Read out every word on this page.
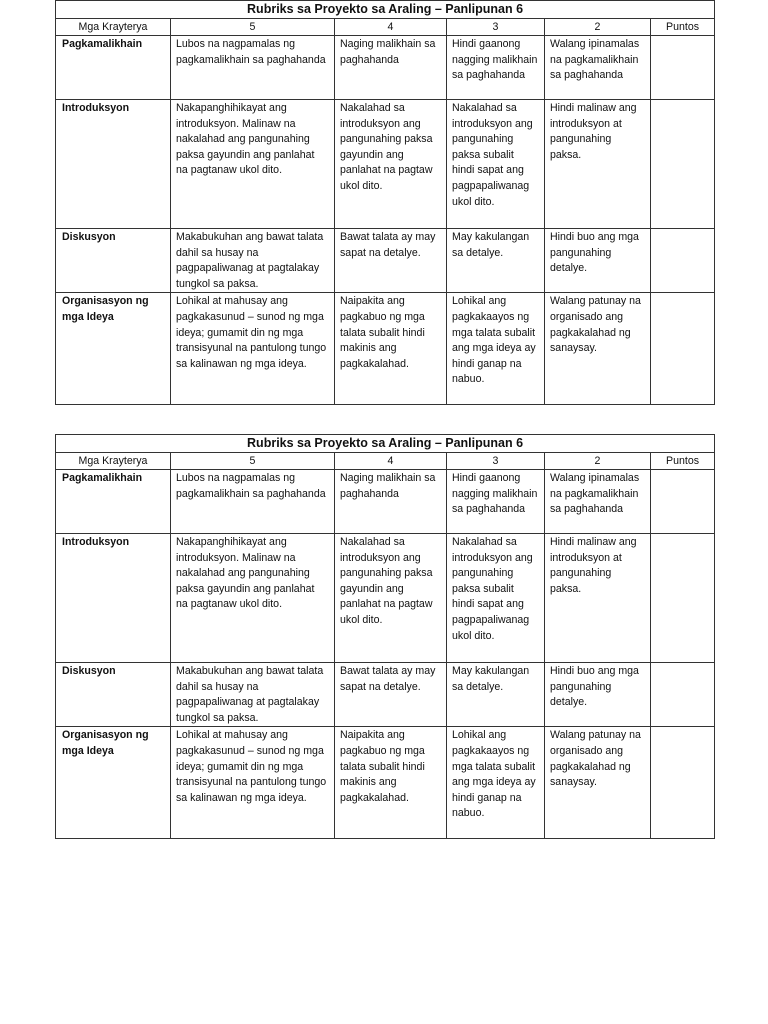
Rubriks sa Proyekto sa Araling – Panlipunan 6					
Mga Krayterya	5	4	3	2	Puntos
Pagkamalikhain	Lubos na nagpamalas ng pagkamalikhain sa paghahanda	Naging malikhain sa paghahanda	Hindi gaanong nagging malikhain sa paghahanda	Walang ipinamalas na pagkamalikhain sa paghahanda	
Introduksyon	Nakapanghihikayat ang introduksyon. Malinaw na nakalahad ang pangunahing paksa gayundin ang panlahat na pagtanaw ukol dito.	Nakalahad sa introduksyon ang pangunahing paksa gayundin ang panlahat na pagtaw ukol dito.	Nakalahad sa introduksyon ang pangunahing paksa subalit hindi sapat ang pagpapaliwanag ukol dito.	Hindi malinaw ang introduksyon at pangunahing paksa.	
Diskusyon	Makabukuhan ang bawat talata dahil sa husay na pagpapaliwanag at pagtalakay tungkol sa paksa.	Bawat talata ay may sapat na detalye.	May kakulangan sa detalye.	Hindi buo ang mga pangunahing detalye.	
Organisasyon ng mga Ideya	Lohikal at mahusay ang pagkakasunud – sunod ng mga ideya; gumamit din ng mga transisyunal na pantulong tungo sa kalinawan ng mga ideya.	Naipakita ang pagkabuo ng mga talata subalit hindi makinis ang pagkakalahad.	Lohikal ang pagkakaayos ng mga talata subalit ang mga ideya ay hindi ganap na nabuo.	Walang patunay na organisado ang pagkakalahad ng sanaysay.	
Rubriks sa Proyekto sa Araling – Panlipunan 6					
Mga Krayterya	5	4	3	2	Puntos
Pagkamalikhain	Lubos na nagpamalas ng pagkamalikhain sa paghahanda	Naging malikhain sa paghahanda	Hindi gaanong nagging malikhain sa paghahanda	Walang ipinamalas na pagkamalikhain sa paghahanda	
Introduksyon	Nakapanghihikayat ang introduksyon. Malinaw na nakalahad ang pangunahing paksa gayundin ang panlahat na pagtanaw ukol dito.	Nakalahad sa introduksyon ang pangunahing paksa gayundin ang panlahat na pagtaw ukol dito.	Nakalahad sa introduksyon ang pangunahing paksa subalit hindi sapat ang pagpapaliwanag ukol dito.	Hindi malinaw ang introduksyon at pangunahing paksa.	
Diskusyon	Makabukuhan ang bawat talata dahil sa husay na pagpapaliwanag at pagtalakay tungkol sa paksa.	Bawat talata ay may sapat na detalye.	May kakulangan sa detalye.	Hindi buo ang mga pangunahing detalye.	
Organisasyon ng mga Ideya	Lohikal at mahusay ang pagkakasunud – sunod ng mga ideya; gumamit din ng mga transisyunal na pantulong tungo sa kalinawan ng mga ideya.	Naipakita ang pagkabuo ng mga talata subalit hindi makinis ang pagkakalahad.	Lohikal ang pagkakaayos ng mga talata subalit ang mga ideya ay hindi ganap na nabuo.	Walang patunay na organisado ang pagkakalahad ng sanaysay.	
